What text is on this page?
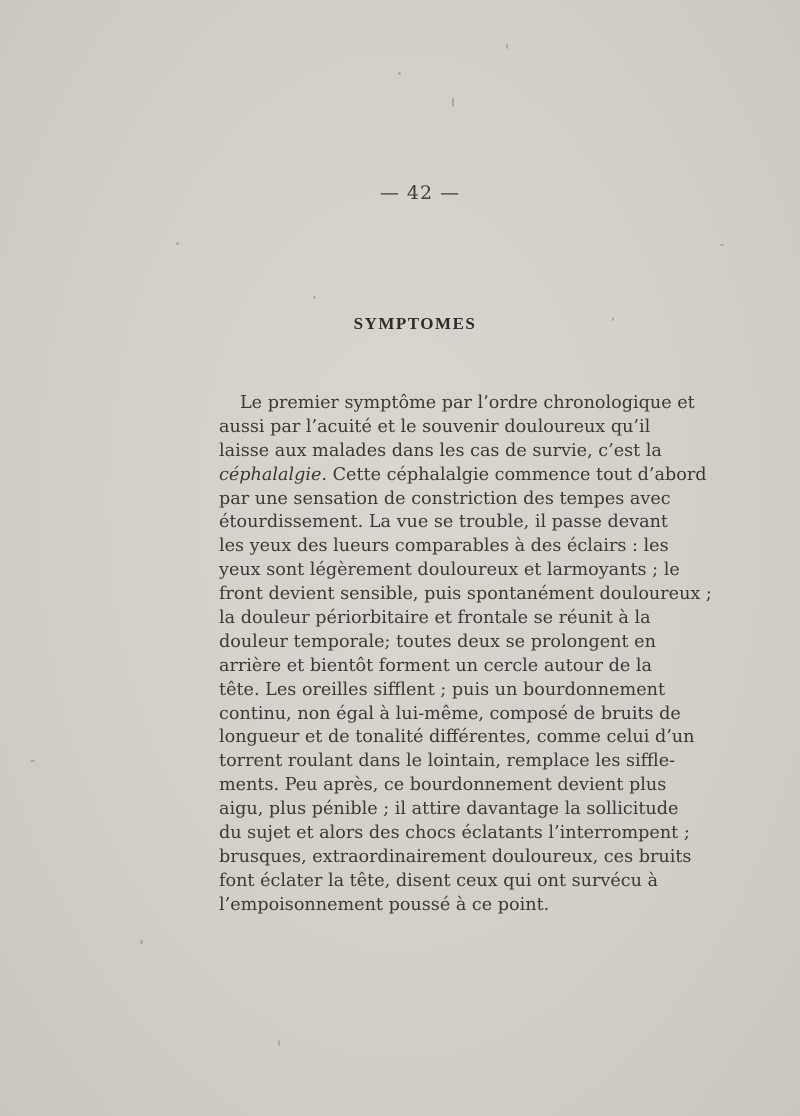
— 42 —
SYMPTOMES
Le premier symptôme par l’ordre chronologique et
aussi par l’acuité et le souvenir douloureux qu’il
laisse aux malades dans les cas de survie, c’est la
céphalalgie. Cette céphalalgie commence tout d’abord
par une sensation de constriction des tempes avec
étourdissement. La vue se trouble, il passe devant
les yeux des lueurs comparables à des éclairs : les
yeux sont légèrement douloureux et larmoyants ; le
front devient sensible, puis spontanément douloureux ;
la douleur périorbitaire et frontale se réunit à la
douleur temporale; toutes deux se prolongent en
arrière et bientôt forment un cercle autour de la
tête. Les oreilles sifflent ; puis un bourdonnement
continu, non égal à lui-même, composé de bruits de
longueur et de tonalité différentes, comme celui d’un
torrent roulant dans le lointain, remplace les siffle-
ments. Peu après, ce bourdonnement devient plus
aigu, plus pénible ; il attire davantage la sollicitude
du sujet et alors des chocs éclatants l’interrompent ;
brusques, extraordinairement douloureux, ces bruits
font éclater la tête, disent ceux qui ont survécu à
l’empoisonnement poussé à ce point.
